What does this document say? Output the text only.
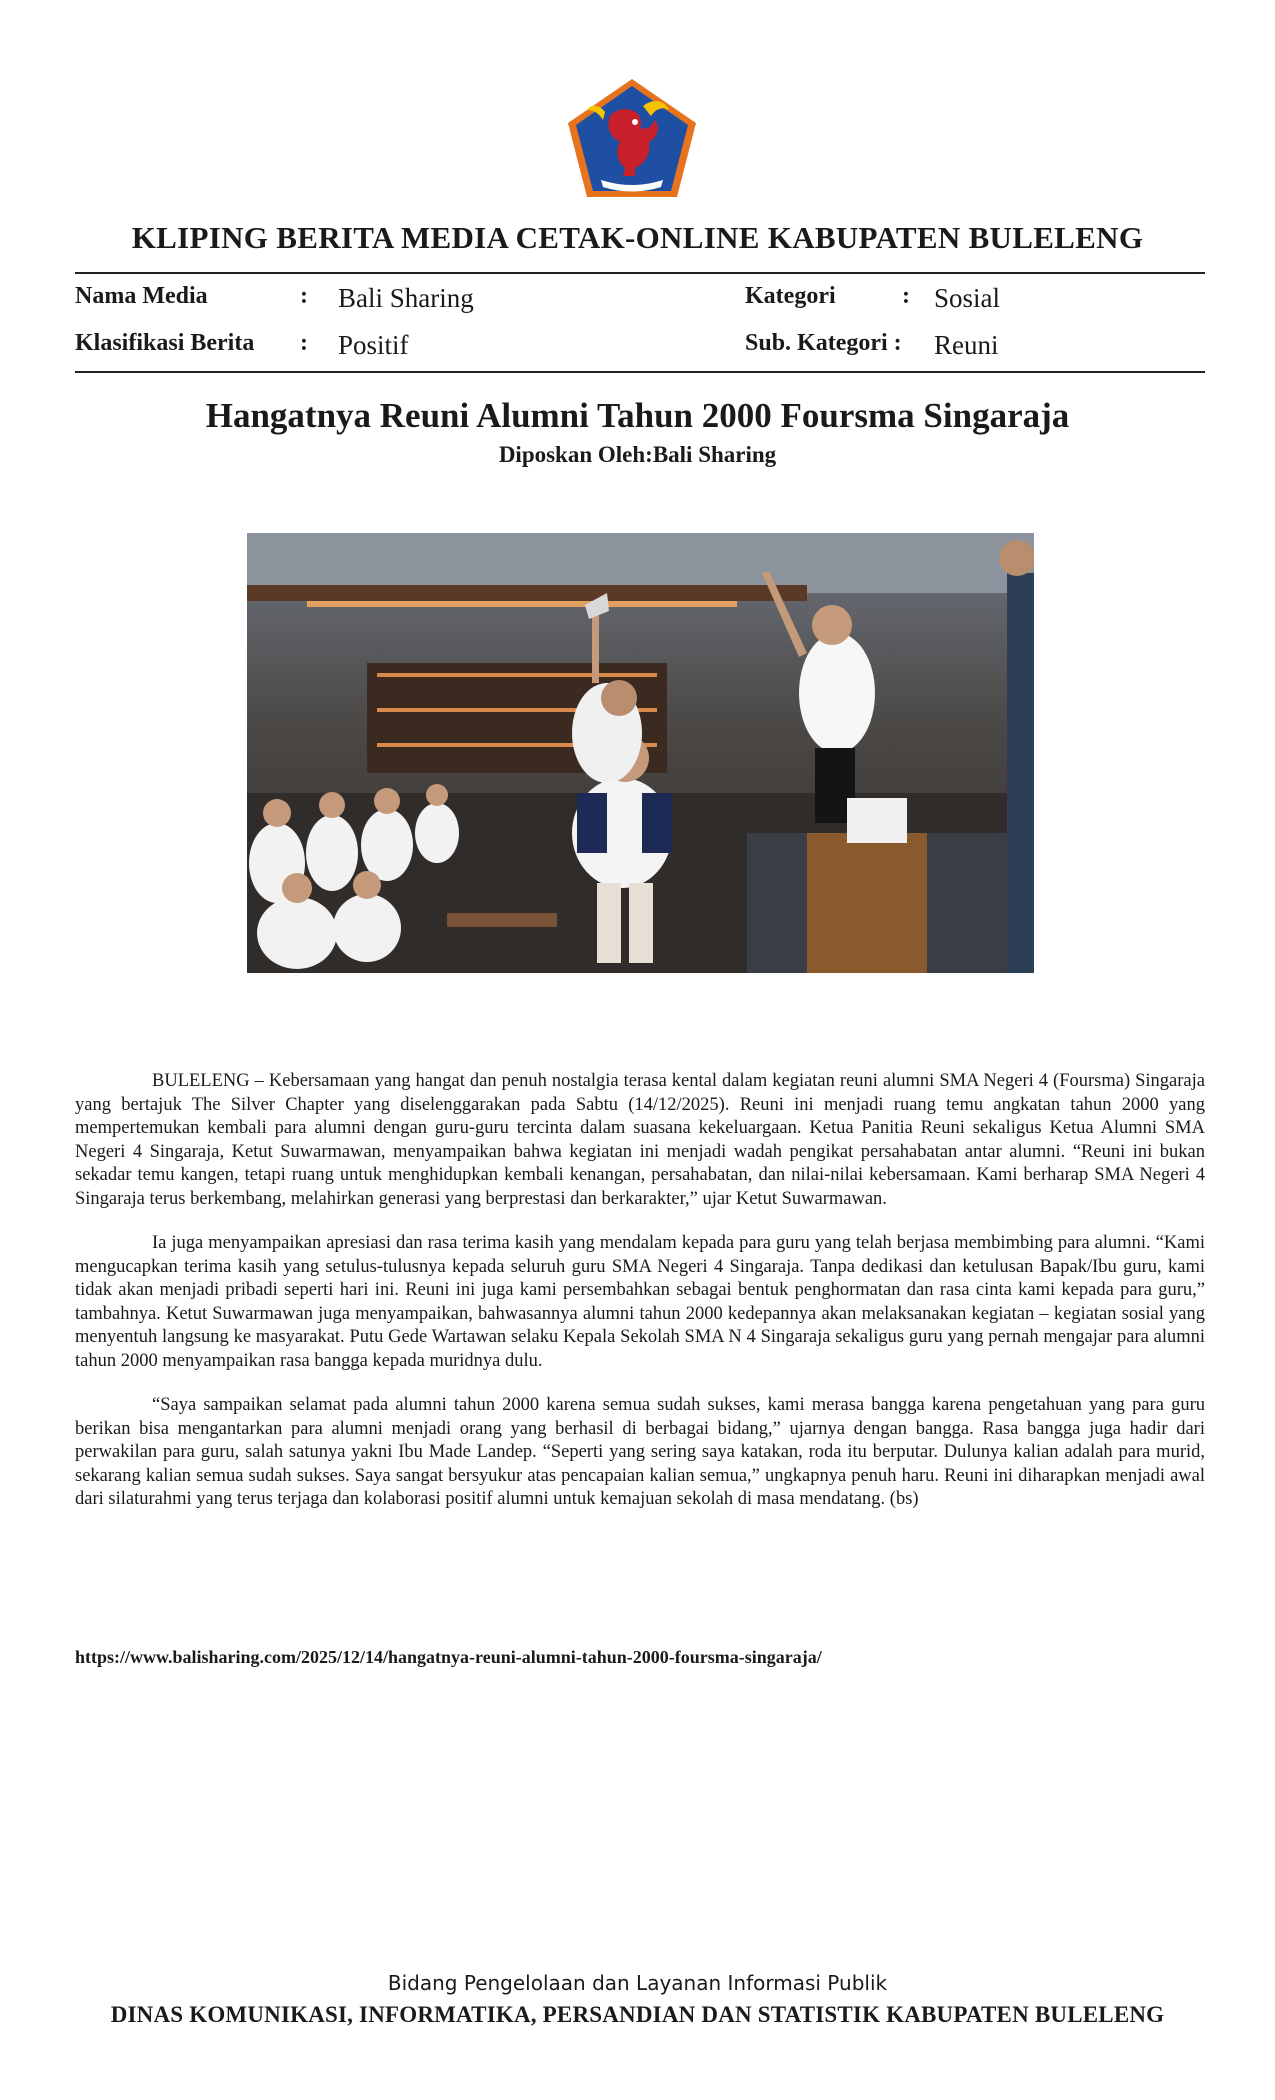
KLIPING BERITA MEDIA CETAK-ONLINE KABUPATEN BULELENG
Nama Media	: Bali Sharing
Klasifikasi Berita : Positif
Kategori	: Sosial
Sub. Kategori : Reuni
Hangatnya Reuni Alumni Tahun 2000 Foursma Singaraja
Diposkan Oleh:Bali Sharing

BULELENG – Kebersamaan yang hangat dan penuh nostalgia terasa kental dalam kegiatan reuni alumni SMA Negeri 4 (Foursma) Singaraja yang bertajuk The Silver Chapter yang diselenggarakan pada Sabtu (14/12/2025). Reuni ini menjadi ruang temu angkatan tahun 2000 yang mempertemukan kembali para alumni dengan guru-guru tercinta dalam suasana kekeluargaan. Ketua Panitia Reuni sekaligus Ketua Alumni SMA Negeri 4 Singaraja, Ketut Suwarmawan, menyampaikan bahwa kegiatan ini menjadi wadah pengikat persahabatan antar alumni. “Reuni ini bukan sekadar temu kangen, tetapi ruang untuk menghidupkan kembali kenangan, persahabatan, dan nilai-nilai kebersamaan. Kami berharap SMA Negeri 4 Singaraja terus berkembang, melahirkan generasi yang berprestasi dan berkarakter,” ujar Ketut Suwarmawan.

Ia juga menyampaikan apresiasi dan rasa terima kasih yang mendalam kepada para guru yang telah berjasa membimbing para alumni. “Kami mengucapkan terima kasih yang setulus-tulusnya kepada seluruh guru SMA Negeri 4 Singaraja. Tanpa dedikasi dan ketulusan Bapak/Ibu guru, kami tidak akan menjadi pribadi seperti hari ini. Reuni ini juga kami persembahkan sebagai bentuk penghormatan dan rasa cinta kami kepada para guru,” tambahnya. Ketut Suwarmawan juga menyampaikan, bahwasannya alumni tahun 2000 kedepannya akan melaksanakan kegiatan – kegiatan sosial yang menyentuh langsung ke masyarakat. Putu Gede Wartawan selaku Kepala Sekolah SMA N 4 Singaraja sekaligus guru yang pernah mengajar para alumni tahun 2000 menyampaikan rasa bangga kepada muridnya dulu.

“Saya sampaikan selamat pada alumni tahun 2000 karena semua sudah sukses, kami merasa bangga karena pengetahuan yang para guru berikan bisa mengantarkan para alumni menjadi orang yang berhasil di berbagai bidang,” ujarnya dengan bangga. Rasa bangga juga hadir dari perwakilan para guru, salah satunya yakni Ibu Made Landep. “Seperti yang sering saya katakan, roda itu berputar. Dulunya kalian adalah para murid, sekarang kalian semua sudah sukses. Saya sangat bersyukur atas pencapaian kalian semua,” ungkapnya penuh haru. Reuni ini diharapkan menjadi awal dari silaturahmi yang terus terjaga dan kolaborasi positif alumni untuk kemajuan sekolah di masa mendatang. (bs)

https://www.balisharing.com/2025/12/14/hangatnya-reuni-alumni-tahun-2000-foursma-singaraja/
Bidang Pengelolaan dan Layanan Informasi Publik
DINAS KOMUNIKASI, INFORMATIKA, PERSANDIAN DAN STATISTIK KABUPATEN BULELENG
